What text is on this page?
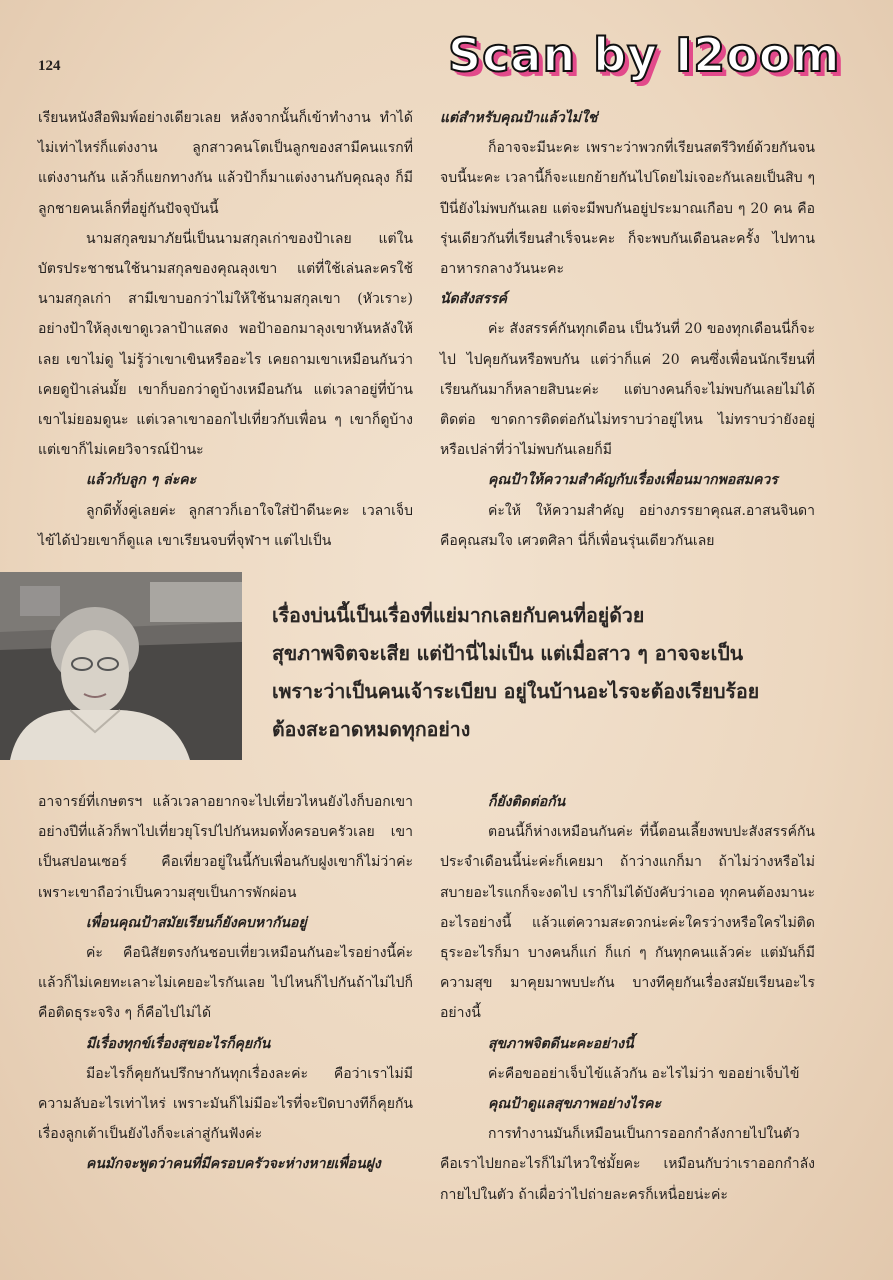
124	Scan by I2oom

เรียนหนังสือพิมพ์อย่างเดียวเลย หลังจากนั้นก็เข้าทำงาน ทำได้ไม่เท่าไหร่ก็แต่งงาน ลูกสาวคนโตเป็นลูกของสามีคนแรกที่แต่งงานกัน แล้วก็แยกทางกัน แล้วป้าก็มาแต่งงานกับคุณลุง ก็มีลูกชายคนเล็กที่อยู่กันปัจจุบันนี้

นามสกุลขมาภัยนี่เป็นนามสกุลเก่าของป้าเลย แต่ในบัตรประชาชนใช้นามสกุลของคุณลุงเขา แต่ที่ใช้เล่นละครใช้นามสกุลเก่า สามีเขาบอกว่าไม่ให้ใช้นามสกุลเขา (หัวเราะ) อย่างป้าให้ลุงเขาดูเวลาป้าแสดง พอป้าออกมาลุงเขาหันหลังให้เลย เขาไม่ดู ไม่รู้ว่าเขาเขินหรืออะไร เคยถามเขาเหมือนกันว่าเคยดูป้าเล่นมั้ย เขาก็บอกว่าดูบ้างเหมือนกัน แต่เวลาอยู่ที่บ้านเขาไม่ยอมดูนะ แต่เวลาเขาออกไปเที่ยวกับเพื่อน ๆ เขาก็ดูบ้าง แต่เขาก็ไม่เคยวิจารณ์ป้านะ

แล้วกับลูก ๆ ล่ะคะ

ลูกดีทั้งคู่เลยค่ะ ลูกสาวก็เอาใจใส่ป้าดีนะคะ เวลาเจ็บไข้ได้ป่วยเขาก็ดูแล เขาเรียนจบที่จุฬาฯ แต่ไปเป็น

แต่สำหรับคุณป้าแล้วไม่ใช่

ก็อาจจะมีนะคะ เพราะว่าพวกที่เรียนสตรีวิทย์ด้วยกันจนจบนี้นะคะ เวลานี้ก็จะแยกย้ายกันไปโดยไม่เจอะกันเลยเป็นสิบ ๆ ปีนี่ยังไม่พบกันเลย แต่จะมีพบกันอยู่ประมาณเกือบ ๆ 20 คน คือรุ่นเดียวกันที่เรียนสำเร็จนะคะ ก็จะพบกันเดือนละครั้ง ไปทานอาหารกลางวันนะคะ

นัดสังสรรค์

ค่ะ สังสรรค์กันทุกเดือน เป็นวันที่ 20 ของทุกเดือนนี่ก็จะไป ไปคุยกันหรือพบกัน แต่ว่าก็แค่ 20 คนซึ่งเพื่อนนักเรียนที่เรียนกันมาก็หลายสิบนะค่ะ แต่บางคนก็จะไม่พบกันเลยไม่ได้ติดต่อ ขาดการติดต่อกันไม่ทราบว่าอยู่ไหน ไม่ทราบว่ายังอยู่หรือเปล่าที่ว่าไม่พบกันเลยก็มี

คุณป้าให้ความสำคัญกับเรื่องเพื่อนมากพอสมควร

ค่ะให้ ให้ความสำคัญ อย่างภรรยาคุณส.อาสนจินดา คือคุณสมใจ เศวตศิลา นี่ก็เพื่อนรุ่นเดียวกันเลย

เรื่องบ่นนี้เป็นเรื่องที่แย่มากเลยกับคนที่อยู่ด้วย

สุขภาพจิตจะเสีย แต่ป้านี่ไม่เป็น แต่เมื่อสาว ๆ อาจจะเป็น

เพราะว่าเป็นคนเจ้าระเบียบ อยู่ในบ้านอะไรจะต้องเรียบร้อย

ต้องสะอาดหมดทุกอย่าง

อาจารย์ที่เกษตรฯ แล้วเวลาอยากจะไปเที่ยวไหนยังไงก็บอกเขา อย่างปีที่แล้วก็พาไปเที่ยวยุโรปไปกันหมดทั้งครอบครัวเลย เขาเป็นสปอนเซอร์ คือเที่ยวอยู่ในนี้กับเพื่อนกับฝูงเขาก็ไม่ว่าค่ะ เพราะเขาถือว่าเป็นความสุขเป็นการพักผ่อน

เพื่อนคุณป้าสมัยเรียนก็ยังคบหากันอยู่

ค่ะ คือนิสัยตรงกันชอบเที่ยวเหมือนกันอะไรอย่างนี้ค่ะ แล้วก็ไม่เคยทะเลาะไม่เคยอะไรกันเลย ไปไหนก็ไปกันถ้าไม่ไปก็คือติดธุระจริง ๆ ก็คือไปไม่ได้

มีเรื่องทุกข์เรื่องสุขอะไรก็คุยกัน

มีอะไรก็คุยกันปรึกษากันทุกเรื่องละค่ะ คือว่าเราไม่มีความลับอะไรเท่าไหร่ เพราะมันก็ไม่มีอะไรที่จะปิดบางทีก็คุยกันเรื่องลูกเต้าเป็นยังไงก็จะเล่าสู่กันฟังค่ะ

คนมักจะพูดว่าคนที่มีครอบครัวจะห่างหายเพื่อนฝูง

ก็ยังติดต่อกัน

ตอนนี้ก็ห่างเหมือนกันค่ะ ที่นี้ตอนเลี้ยงพบปะสังสรรค์กันประจำเดือนนี้น่ะค่ะก็เคยมา ถ้าว่างแกก็มา ถ้าไม่ว่างหรือไม่สบายอะไรแกก็จะงดไป เราก็ไม่ได้บังคับว่าเออ ทุกคนต้องมานะอะไรอย่างนี้ แล้วแต่ความสะดวกน่ะค่ะใครว่างหรือใครไม่ติดธุระอะไรก็มา บางคนก็แก่ ก็แก่ ๆ กันทุกคนแล้วค่ะ แต่มันก็มีความสุข มาคุยมาพบปะกัน บางทีคุยกันเรื่องสมัยเรียนอะไรอย่างนี้

สุขภาพจิตดีนะคะอย่างนี้

ค่ะคือขออย่าเจ็บไข้แล้วกัน อะไรไม่ว่า ขออย่าเจ็บไข้

คุณป้าดูแลสุขภาพอย่างไรคะ

การทำงานมันก็เหมือนเป็นการออกกำลังกายไปในตัว คือเราไปยกอะไรก็ไม่ไหวใช่มั้ยคะ เหมือนกับว่าเราออกกำลังกายไปในตัว ถ้าเผื่อว่าไปถ่ายละครก็เหนื่อยน่ะค่ะ
